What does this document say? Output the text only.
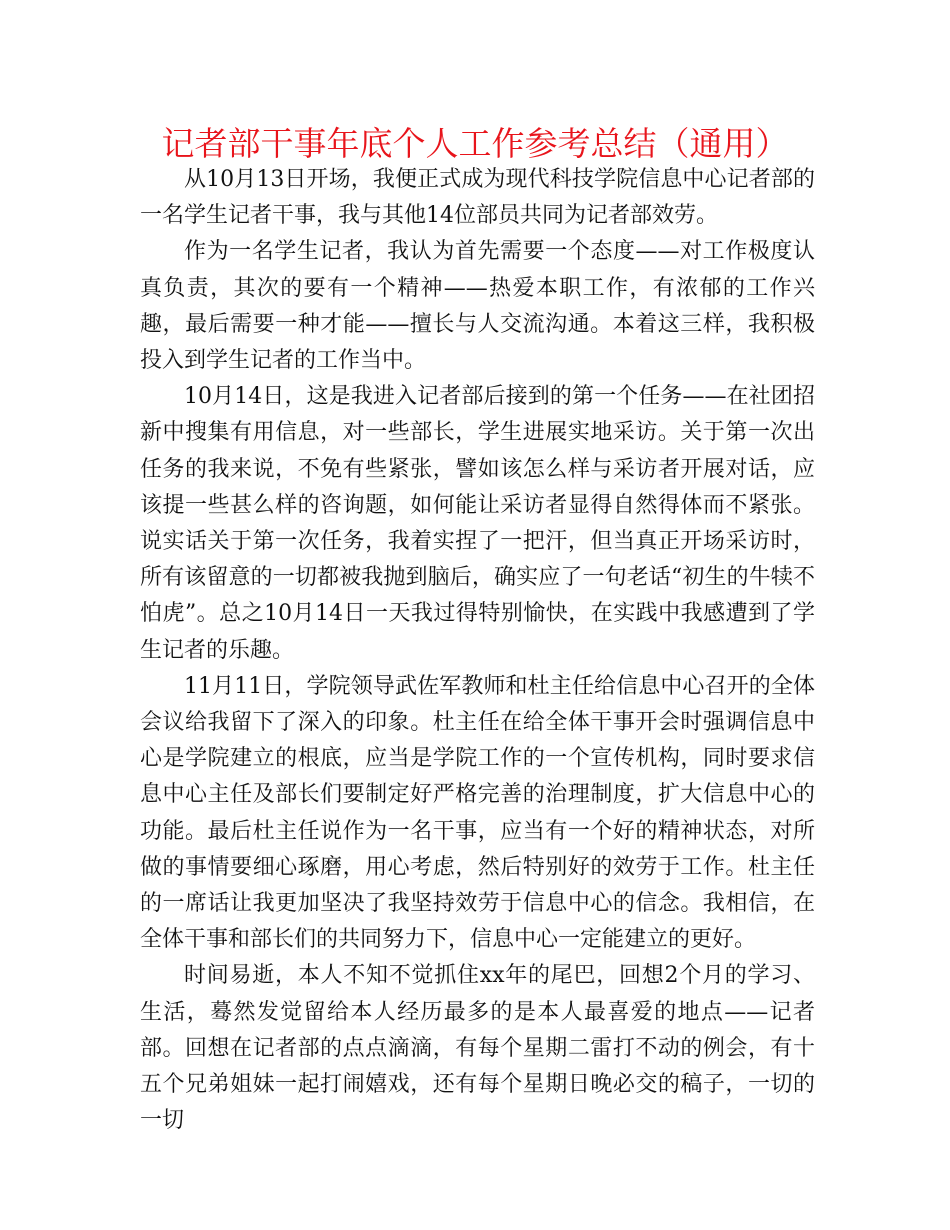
记者部干事年底个人工作参考总结（通用）

从10月13日开场，我便正式成为现代科技学院信息中心记者部的一名学生记者干事，我与其他14位部员共同为记者部效劳。

作为一名学生记者，我认为首先需要一个态度——对工作极度认真负责，其次的要有一个精神——热爱本职工作，有浓郁的工作兴趣，最后需要一种才能——擅长与人交流沟通。本着这三样，我积极投入到学生记者的工作当中。

10月14日，这是我进入记者部后接到的第一个任务——在社团招新中搜集有用信息，对一些部长，学生进展实地采访。关于第一次出任务的我来说，不免有些紧张，譬如该怎么样与采访者开展对话，应该提一些甚么样的咨询题，如何能让采访者显得自然得体而不紧张。说实话关于第一次任务，我着实捏了一把汗，但当真正开场采访时，所有该留意的一切都被我抛到脑后，确实应了一句老话“初生的牛犊不怕虎”。总之10月14日一天我过得特别愉快，在实践中我感遭到了学生记者的乐趣。

11月11日，学院领导武佐军教师和杜主任给信息中心召开的全体会议给我留下了深入的印象。杜主任在给全体干事开会时强调信息中心是学院建立的根底，应当是学院工作的一个宣传机构，同时要求信息中心主任及部长们要制定好严格完善的治理制度，扩大信息中心的功能。最后杜主任说作为一名干事，应当有一个好的精神状态，对所做的事情要细心琢磨，用心考虑，然后特别好的效劳于工作。杜主任的一席话让我更加坚决了我坚持效劳于信息中心的信念。我相信，在全体干事和部长们的共同努力下，信息中心一定能建立的更好。

时间易逝，本人不知不觉抓住xx年的尾巴，回想2个月的学习、生活，蓦然发觉留给本人经历最多的是本人最喜爱的地点——记者部。回想在记者部的点点滴滴，有每个星期二雷打不动的例会，有十五个兄弟姐妹一起打闹嬉戏，还有每个星期日晚必交的稿子，一切的一切
